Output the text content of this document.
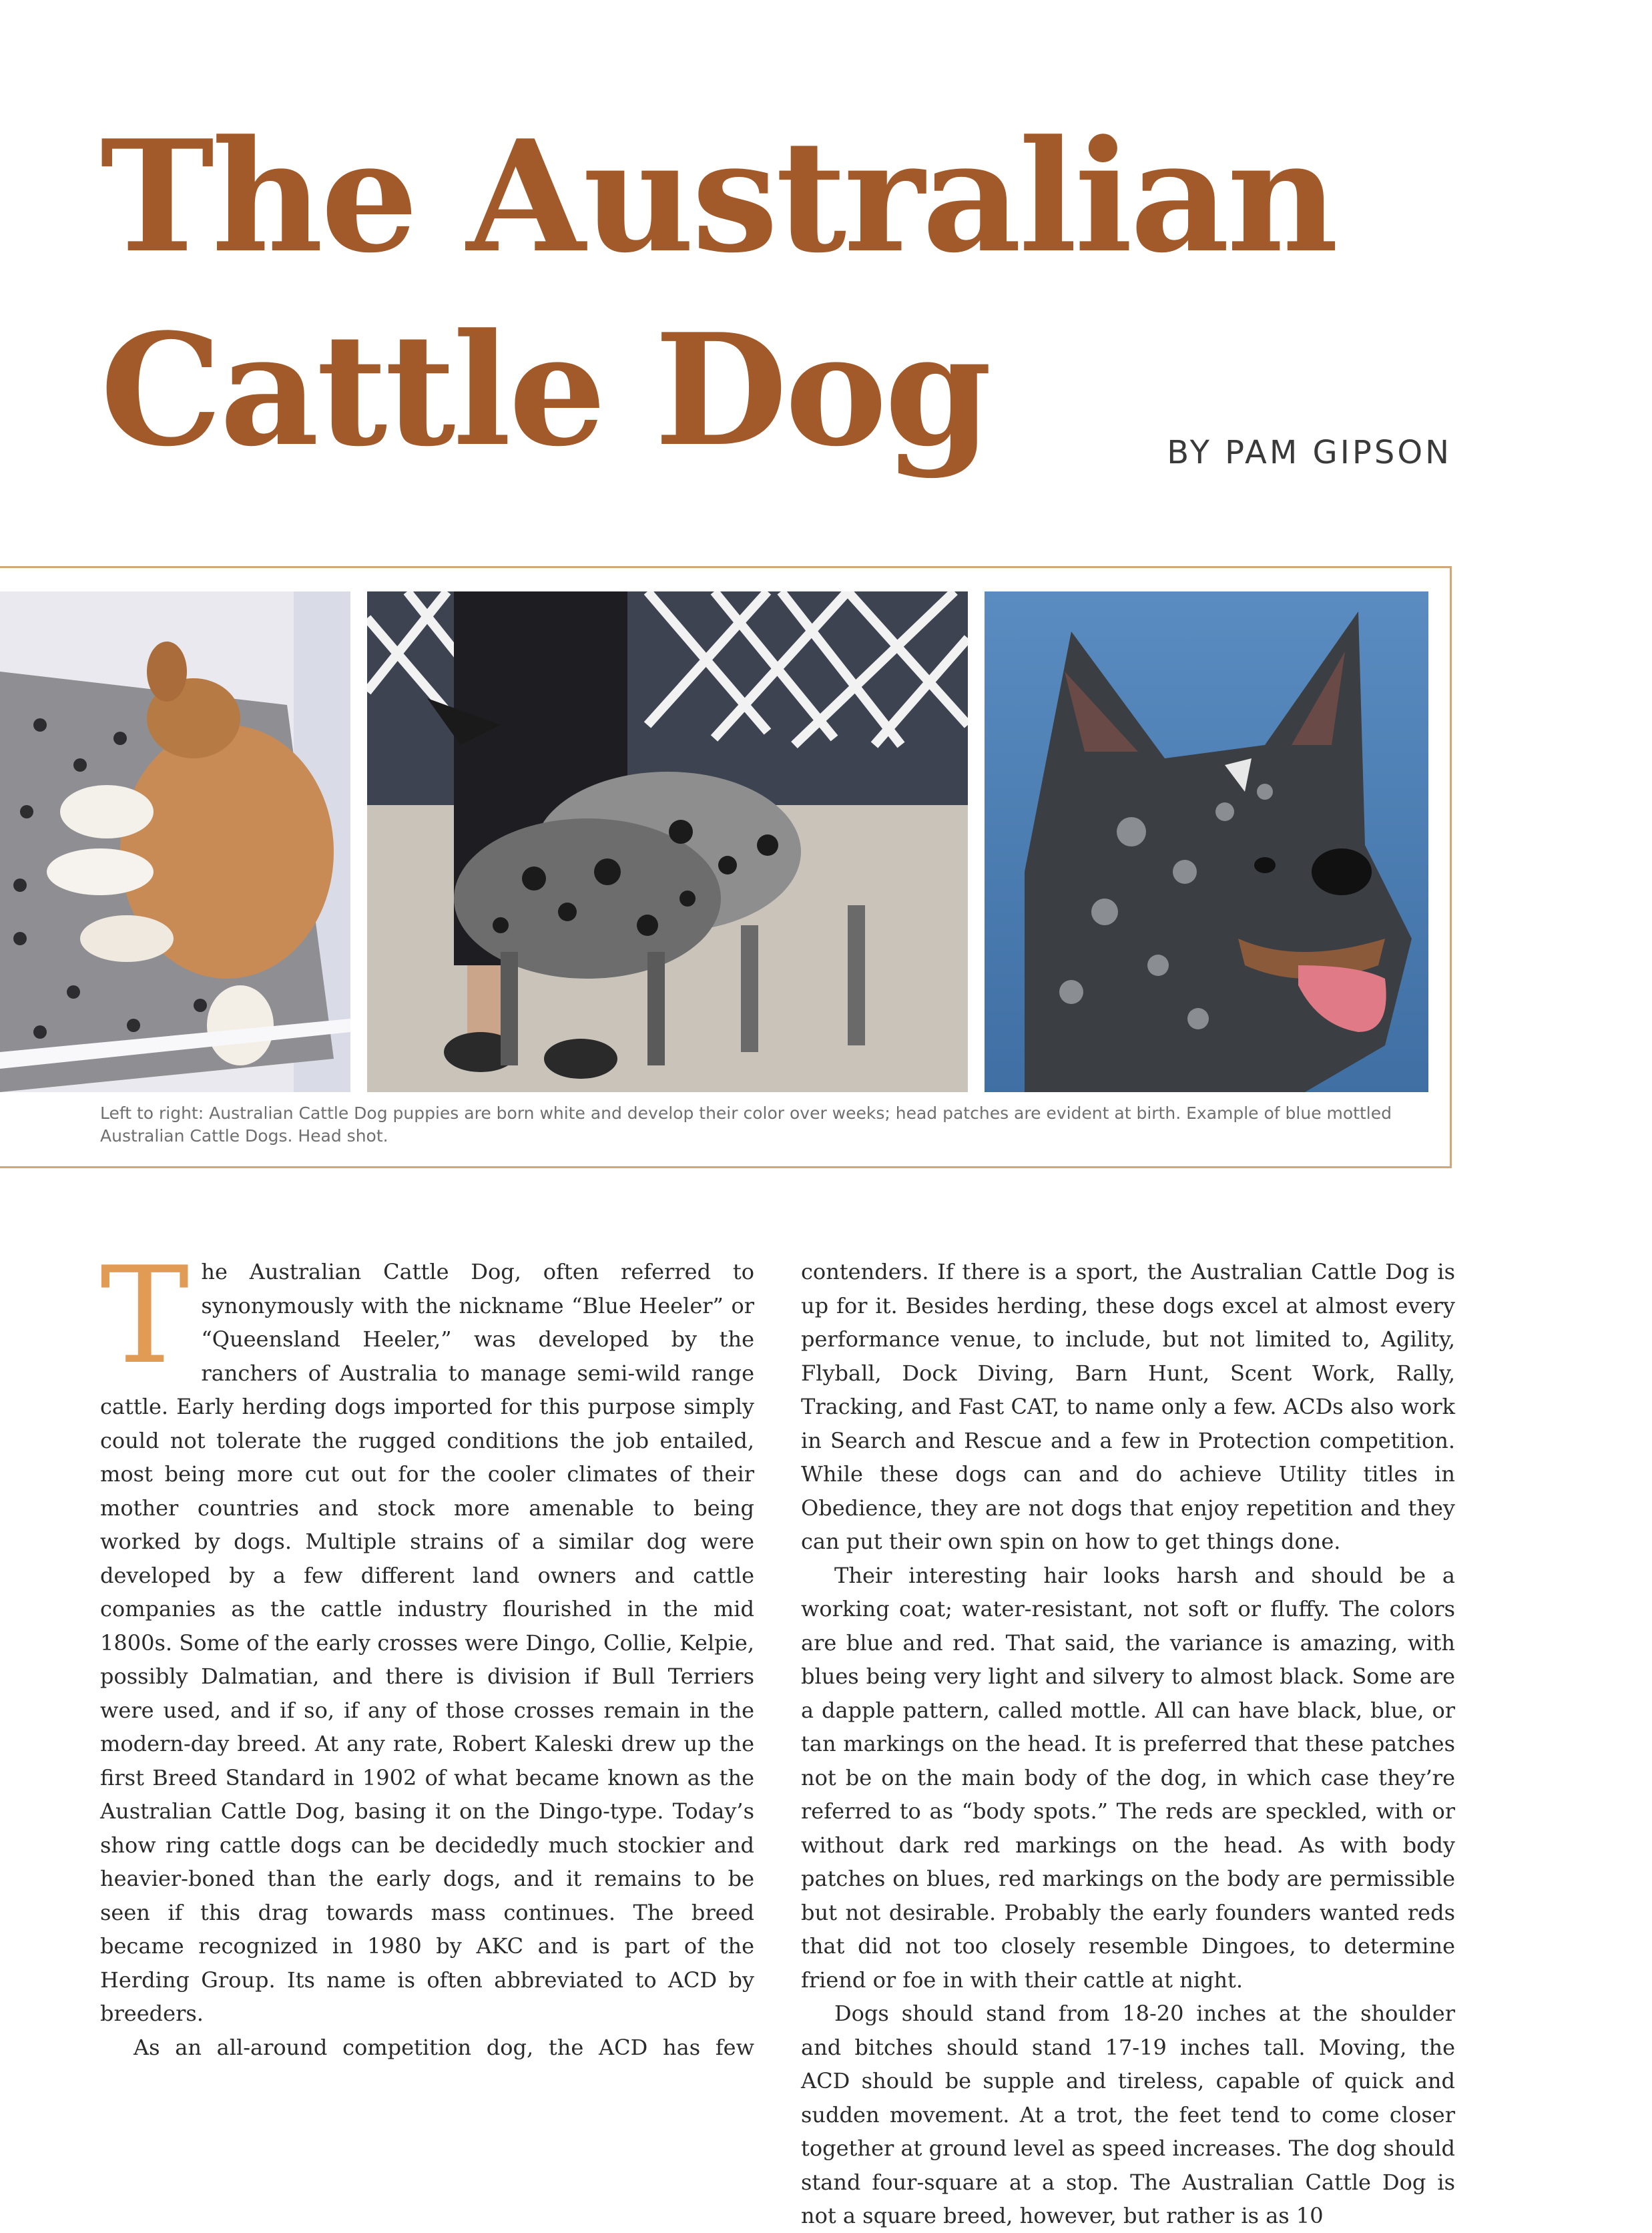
The Australian
Cattle Dog	BY PAM GIPSON
Left to right: Australian Cattle Dog puppies are born white and develop their color over weeks; head patches are evident at birth. Example of blue mottled Australian Cattle Dogs. Head shot.

The Australian Cattle Dog, often referred to synonymously with the nickname “Blue Heeler” or “Queensland Heeler,” was developed by the ranchers of Australia to manage semi-wild range cattle. Early herding dogs imported for this purpose simply could not tolerate the rugged conditions the job entailed, most being more cut out for the cooler climates of their mother countries and stock more amenable to being worked by dogs. Multiple strains of a similar dog were developed by a few different land owners and cattle companies as the cattle industry flourished in the mid 1800s. Some of the early crosses were Dingo, Collie, Kelpie, possibly Dalmatian, and there is division if Bull Terriers were used, and if so, if any of those crosses remain in the modern-day breed. At any rate, Robert Kaleski drew up the first Breed Standard in 1902 of what became known as the Australian Cattle Dog, basing it on the Dingo-type. Today’s show ring cattle dogs can be decidedly much stockier and heavier-boned than the early dogs, and it remains to be seen if this drag towards mass continues. The breed became recognized in 1980 by AKC and is part of the Herding Group. Its name is often abbreviated to ACD by breeders.

As an all-around competition dog, the ACD has few

contenders. If there is a sport, the Australian Cattle Dog is up for it. Besides herding, these dogs excel at almost every performance venue, to include, but not limited to, Agility, Flyball, Dock Diving, Barn Hunt, Scent Work, Rally, Tracking, and Fast CAT, to name only a few. ACDs also work in Search and Rescue and a few in Protection competition. While these dogs can and do achieve Utility titles in Obedience, they are not dogs that enjoy repetition and they can put their own spin on how to get things done.

Their interesting hair looks harsh and should be a working coat; water-resistant, not soft or fluffy. The colors are blue and red. That said, the variance is amazing, with blues being very light and silvery to almost black. Some are a dapple pattern, called mottle. All can have black, blue, or tan markings on the head. It is preferred that these patches not be on the main body of the dog, in which case they’re referred to as “body spots.” The reds are speckled, with or without dark red markings on the head. As with body patches on blues, red markings on the body are permissible but not desirable. Probably the early founders wanted reds that did not too closely resemble Dingoes, to determine friend or foe in with their cattle at night.

Dogs should stand from 18-20 inches at the shoulder and bitches should stand 17-19 inches tall. Moving, the ACD should be supple and tireless, capable of quick and sudden movement. At a trot, the feet tend to come closer together at ground level as speed increases. The dog should stand four-square at a stop. The Australian Cattle Dog is not a square breed, however, but rather is as 10
